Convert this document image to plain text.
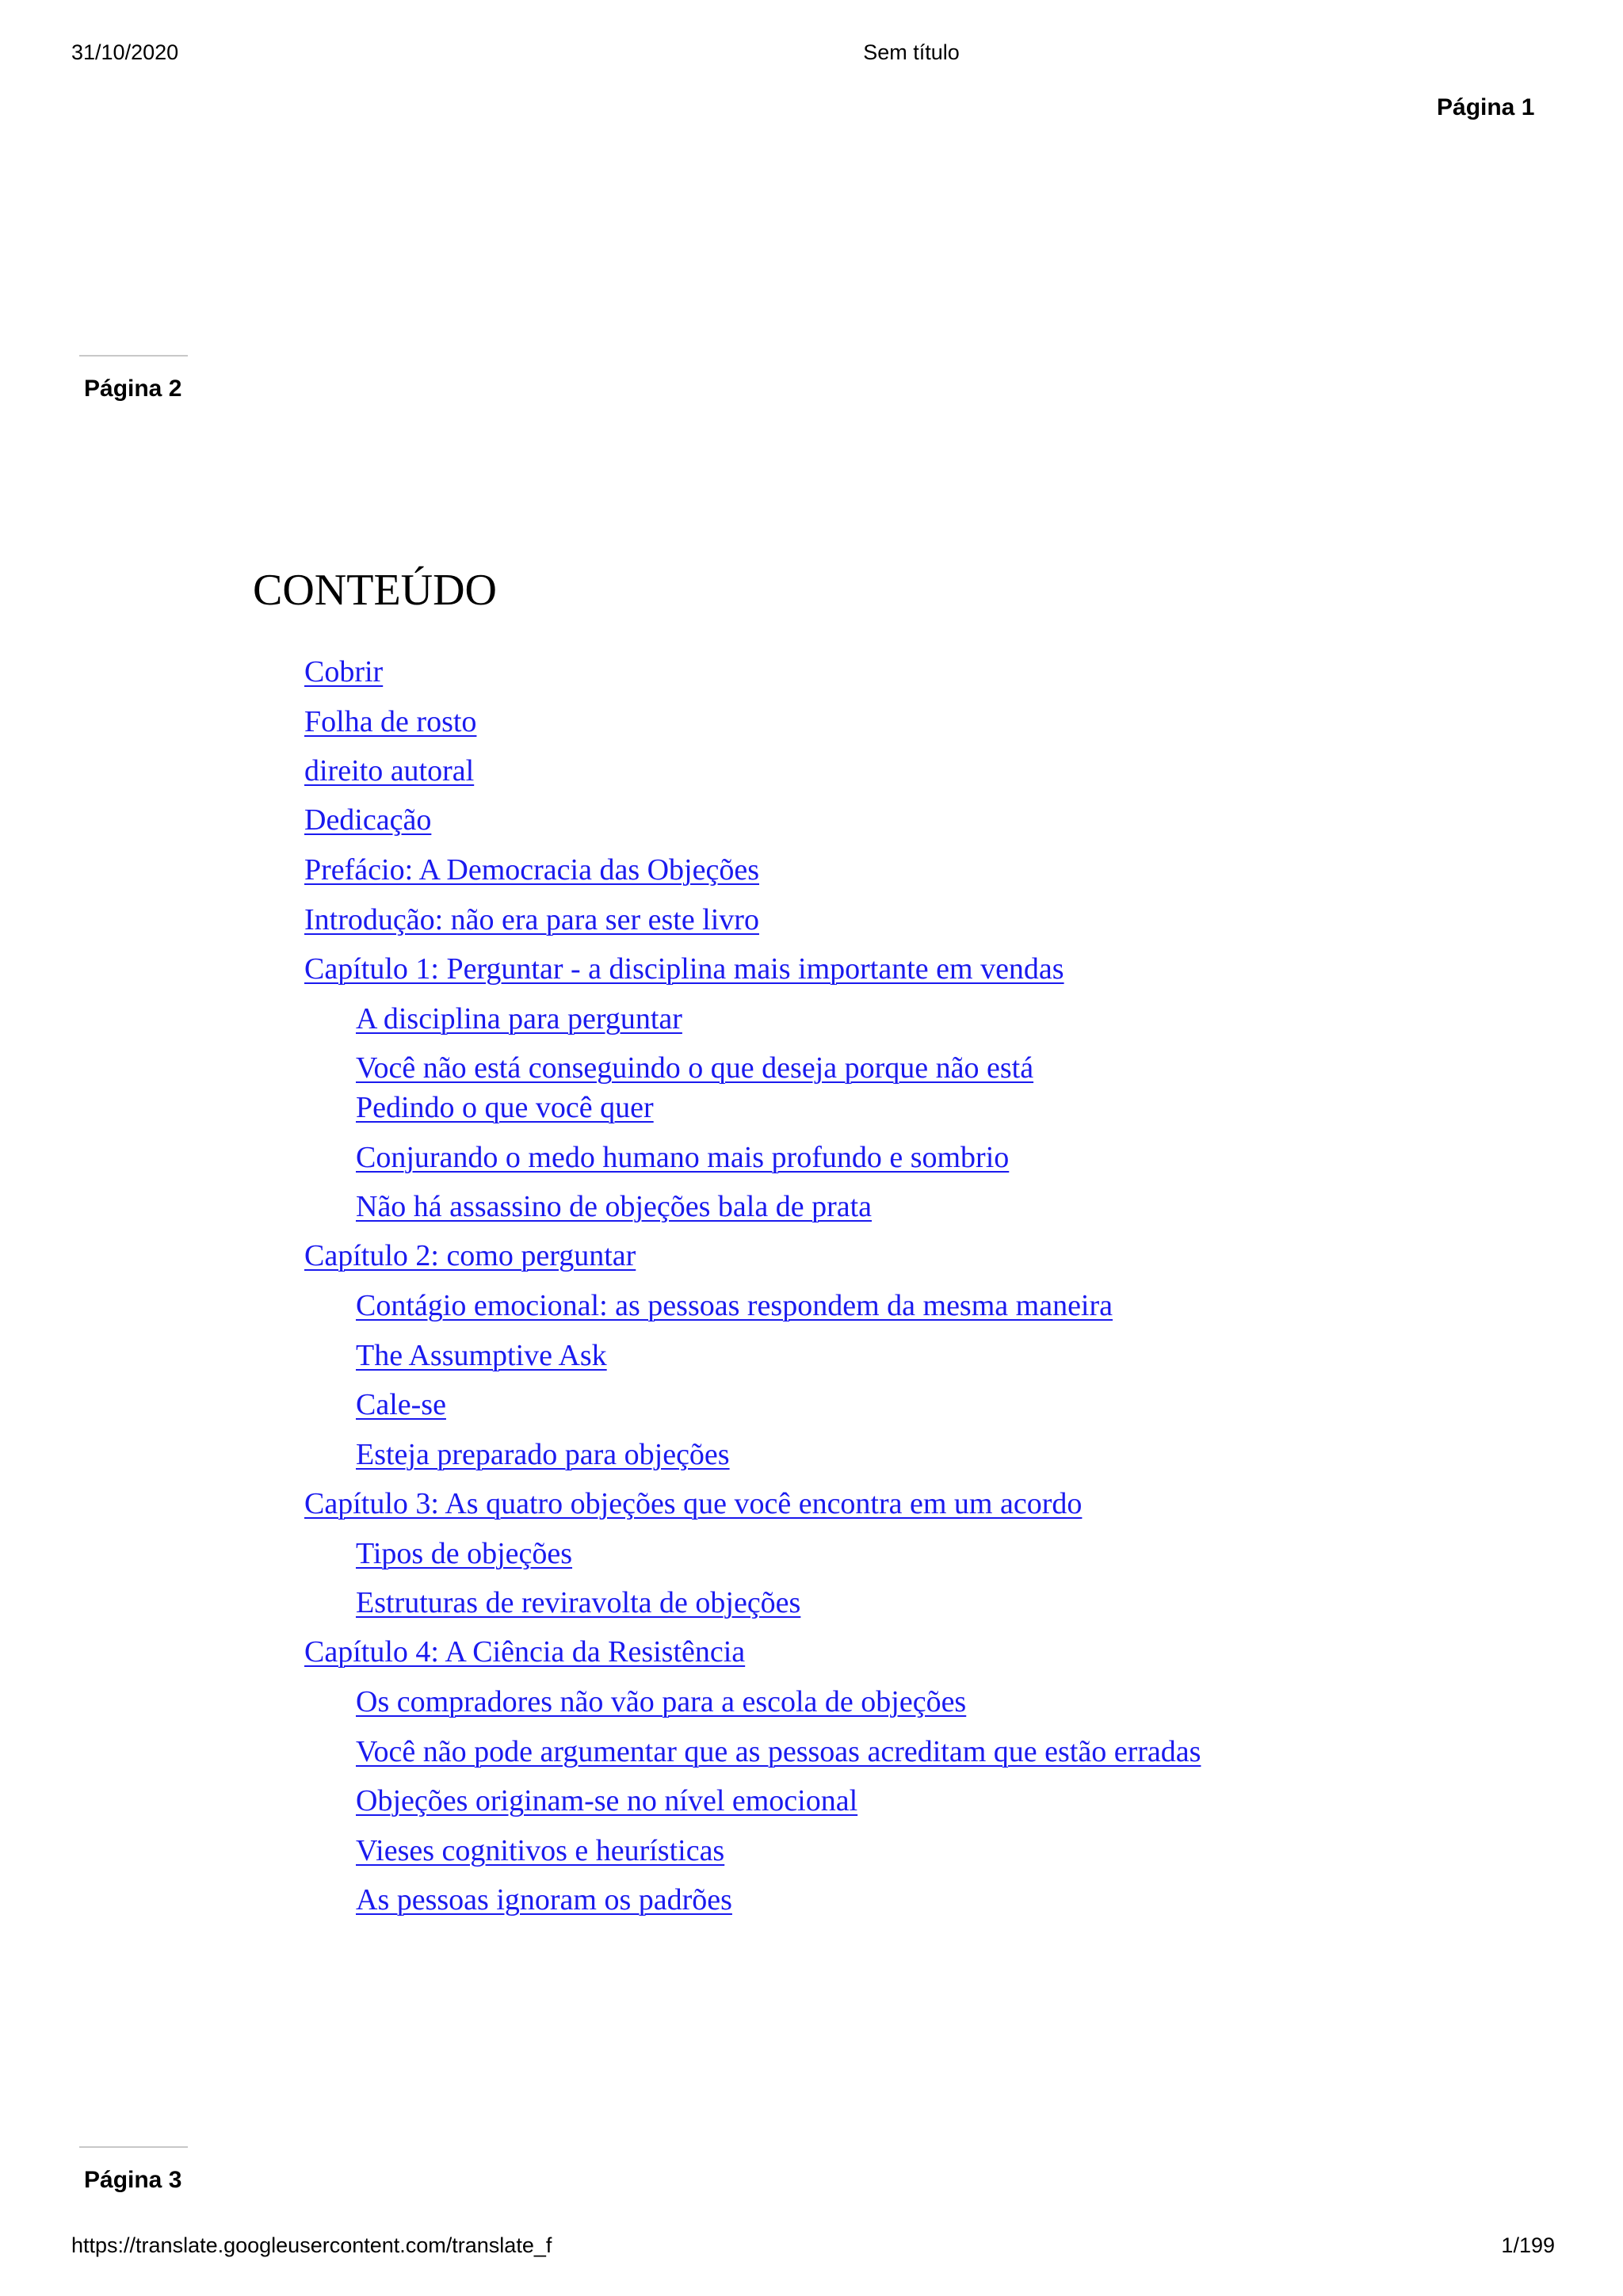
31/10/2020	Sem título
Página 1
Página 2
CONTEÚDO
Cobrir
Folha de rosto
direito autoral
Dedicação
Prefácio: A Democracia das Objeções
Introdução: não era para ser este livro
Capítulo 1: Perguntar - a disciplina mais importante em vendas
A disciplina para perguntar
Você não está conseguindo o que deseja porque não está
Pedindo o que você quer
Conjurando o medo humano mais profundo e sombrio
Não há assassino de objeções bala de prata
Capítulo 2: como perguntar
Contágio emocional: as pessoas respondem da mesma maneira
The Assumptive Ask
Cale-se
Esteja preparado para objeções
Capítulo 3: As quatro objeções que você encontra em um acordo
Tipos de objeções
Estruturas de reviravolta de objeções
Capítulo 4: A Ciência da Resistência
Os compradores não vão para a escola de objeções
Você não pode argumentar que as pessoas acreditam que estão erradas
Objeções originam-se no nível emocional
Vieses cognitivos e heurísticas
As pessoas ignoram os padrões
Página 3
https://translate.googleusercontent.com/translate_f	1/199
